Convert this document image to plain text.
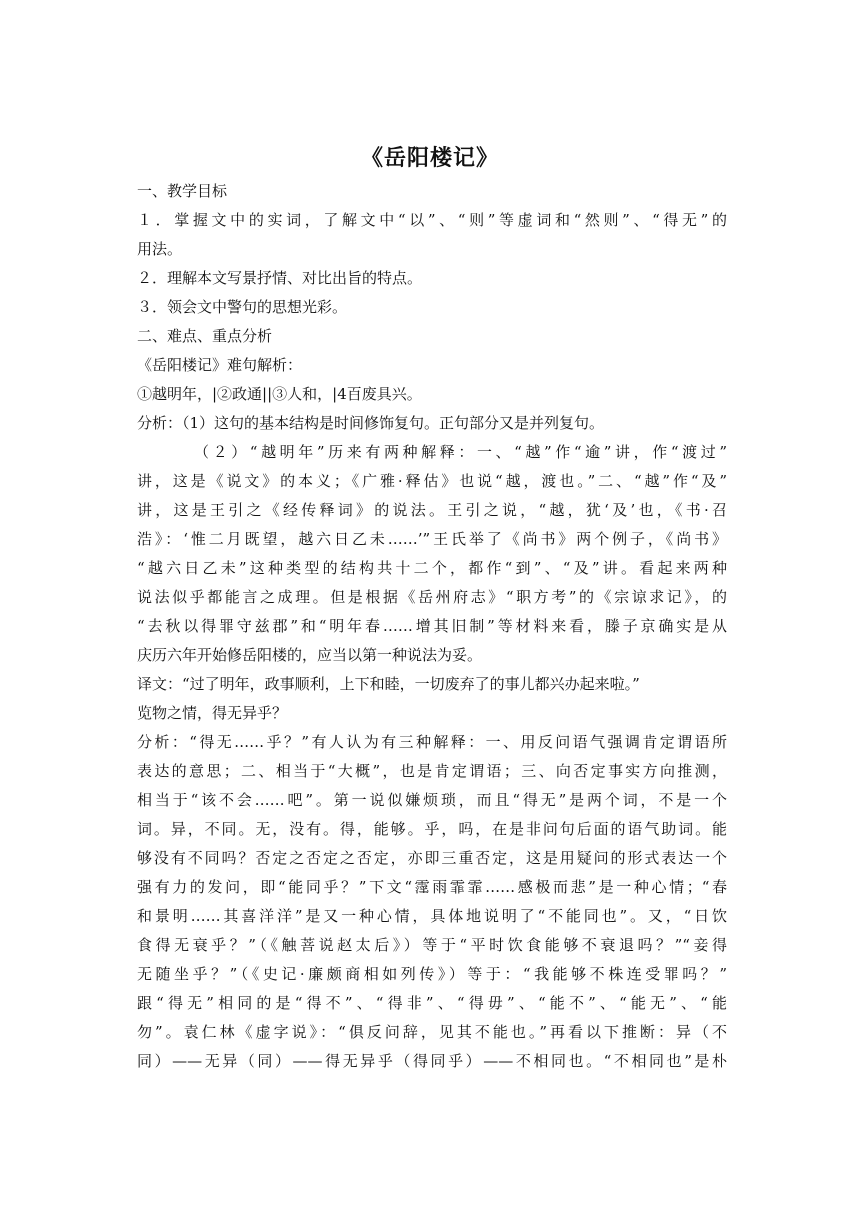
《岳阳楼记》
一、教学目标
１．掌握文中的实词，了解文中“以”、“则”等虚词和“然则”、“得无”的
用法。
２．理解本文写景抒情、对比出旨的特点。
３．领会文中警句的思想光彩。
二、难点、重点分析
《岳阳楼记》难句解析：
①越明年，|②政通||③人和，|4百废具兴。
分析：（1）这句的基本结构是时间修饰复句。正句部分又是并列复句。
（２）“越明年”历来有两种解释：一、“越”作“逾”讲，作“渡过”
讲，这是《说文》的本义；《广雅·释估》也说“越，渡也。”二、“越”作“及”
讲，这是王引之《经传释词》的说法。王引之说，“越，犹‘及’也，《书·召
浩》：‘惟二月既望，越六日乙未……’”王氏举了《尚书》两个例子，《尚书》
“越六日乙未”这种类型的结构共十二个，都作“到”、“及”讲。看起来两种
说法似乎都能言之成理。但是根据《岳州府志》“职方考”的《宗谅求记》，的
“去秋以得罪守兹郡”和“明年春……增其旧制”等材料来看，滕子京确实是从
庆历六年开始修岳阳楼的，应当以第一种说法为妥。
译文：“过了明年，政事顺利，上下和睦，一切废弃了的事儿都兴办起来啦。”
览物之情，得无异乎？
分析：“得无……乎？”有人认为有三种解释：一、用反问语气强调肯定谓语所
表达的意思；二、相当于“大概”，也是肯定谓语；三、向否定事实方向推测，
相当于“该不会……吧”。第一说似嫌烦琐，而且“得无”是两个词，不是一个
词。异，不同。无，没有。得，能够。乎，吗，在是非问句后面的语气助词。能
够没有不同吗？否定之否定之否定，亦即三重否定，这是用疑问的形式表达一个
强有力的发问，即“能同乎？”下文“霪雨霏霏……感极而悲”是一种心情；“春
和景明……其喜洋洋”是又一种心情，具体地说明了“不能同也”。又，“日饮
食得无衰乎？”（《触菩说赵太后》）等于“平时饮食能够不衰退吗？”“妾得
无随坐乎？”（《史记·廉颇商相如列传》）等于：“我能够不株连受罪吗？”
跟“得无”相同的是“得不”、“得非”、“得毋”、“能不”、“能无”、“能
勿”。袁仁林《虚字说》：“俱反问辞，见其不能也。”再看以下推断：异（不
同）——无异（同）——得无异乎（得同乎）——不相同也。“不相同也”是朴
